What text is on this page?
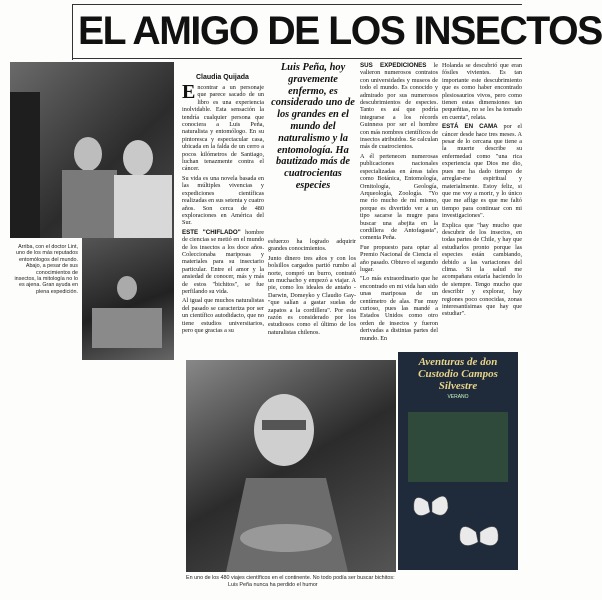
EL AMIGO DE LOS INSECTOS
Arriba, con el doctor Lint, uno de los más reputados entomólogos del mundo. Abajo, a pesar de sus conocimientos de insectos, la mitología no lo es ajena. Gran ayuda en plena expedición.
Claudia Quijada
Luis Peña, hoy gravemente enfermo, es considerado uno de los grandes en el mundo del naturalismo y la entomología. Ha bautizado más de cuatrocientas especies

Encontrar a un personaje que parece sacado de un libro es una experiencia inolvidable. Esta sensación la tendría cualquier persona que conociera a Luis Peña, naturalista y entomólogo. En su pintoresca y espectacular casa, ubicada en la falda de un cerro a pocos kilómetros de Santiago, luchan tenazmente contra el cáncer.

Su vida es una novela basada en las múltiples vivencias y expediciones científicas realizadas en sus setenta y cuatro años. Son cerca de 480 exploraciones en América del Sur.

ESTE "CHIFLADO" hombre de ciencias se metió en el mundo de los insectos a los doce años. Coleccionaba mariposas y materiales para su insectario particular. Entre el amor y la ansiedad de conocer, más y más de estos "bichitos", se fue perfilando su vida.

Al igual que muchos naturalistas del pasado se caracteriza por ser un científico autodidacto, que no tiene estudios universitarios, pero que gracias a su

esfuerzo ha logrado adquirir grandes conocimientos.

Junto dinero tres años y con los bolsillos cargados partió rumbo al norte, compró un burro, contrató un muchacho y empezó a viajar. A pie, como los ideales de antaño -Darwin, Domeyko y Claudio Gay- "que salían a gastar suelas de zapatos a la cordillera". Por esta razón es considerado por los estudiosos como el último de los naturalistas chilenos.

SUS EXPEDICIONES le valieron numerosos contratos con universidades y museos de todo el mundo. Es conocido y admirado por sus numerosos descubrimientos de especies. Tanto es así que podría integrarse a los récords Guinness por ser el hombre con más nombres científicos de insectos atribuidos. Se calculan más de cuatrocientos.

A él pertenecen numerosas publicaciones nacionales especializadas en áreas tales como Botánica, Entomología, Ornitología, Geología, Arqueología, Zoología. "Yo me río mucho de mí mismo, porque es divertido ver a un tipo sacarse la mugre para buscar una abejita en la cordillera de Antofagasta", comenta Peña.

Fue propuesto para optar al Premio Nacional de Ciencia el año pasado. Obtuvo el segundo lugar.

"Lo más extraordinario que he encontrado en mi vida han sido unas mariposas de un centímetro de alas. Fue muy curioso, pues las mandé a Estados Unidos como otro orden de insectos y fueron derivadas a distintas partes del mundo. En

Holanda se descubrió que eran fósiles vivientes. Es tan importante este descubrimiento que es como haber encontrado plesiosaurios vivos, pero como tienen estas dimensiones tan pequeñitas, no se les ha tomado en cuenta", relata.

ESTÁ EN CAMA por el cáncer desde hace tres meses. A pesar de lo cercana que tiene a la muerte describe su enfermedad como "una rica experiencia que Dios me dio, pues me ha dado tiempo de arreglar-me espiritual y materialmente. Estoy feliz, si que me voy a morir, y lo único que me aflige es que me faltó tiempo para continuar con mi investigaciones".

Explica que "hay mucho que descubrir de los insectos, en todas partes de Chile, y hay que estudiarlos pronto porque las especies están cambiando, debido a las variaciones del clima. Si la salud me acompañara estaría haciendo lo de siempre. Tengo mucho que describir y explorar, hay regiones poco conocidas, zonas interesantísimas que hay que estudiar".

En uno de los 480 viajes científicos en el continente. No todo podía ser buscar bichitos:
Luis Peña nunca ha perdido el humor
Aventuras de don Custodio Campos Silvestre
VERANO
